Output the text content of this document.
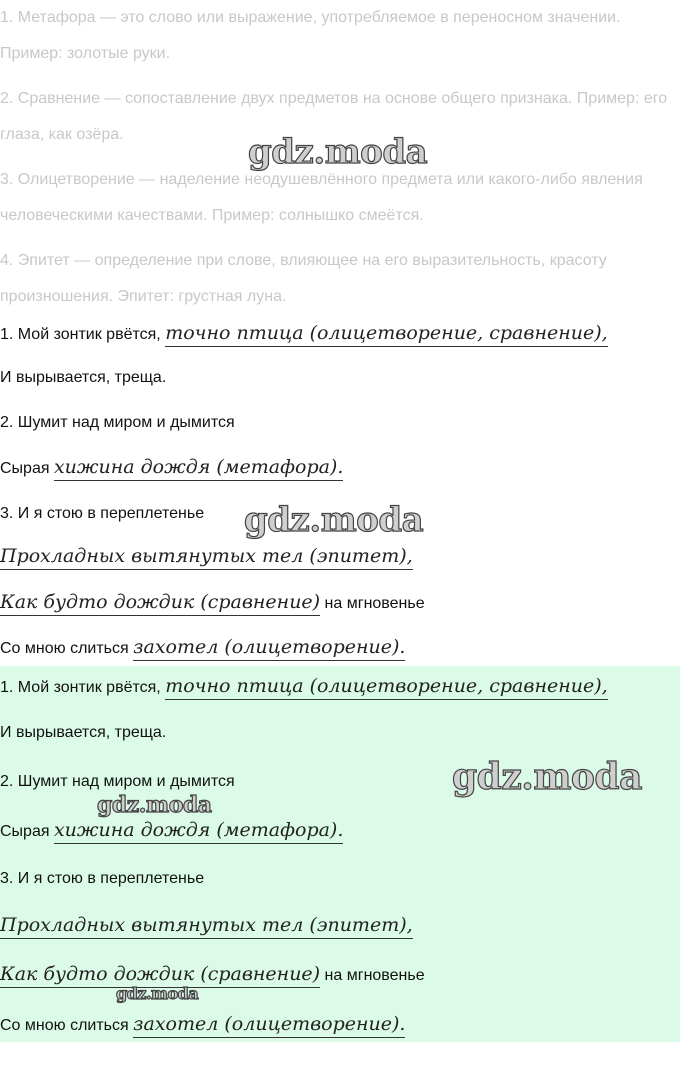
1. Метафора — это слово или выражение, употребляемое в переносном значении. Пример: золотые руки.
2. Сравнение — сопоставление двух предметов на основе общего признака. Пример: его глаза, как озёра.
3. Олицетворение — наделение неодушевлённого предмета или какого-либо явления человеческими качествами. Пример: солнышко смеётся.
4. Эпитет — определение при слове, влияющее на его выразительность, красоту произношения. Эпитет: грустная луна.
1. Мой зонтик рвётся, точно птица (олицетворение, сравнение),
И вырывается, треща.
2. Шумит над миром и дымится
Сырая хижина дождя (метафора).
3. И я стою в переплетенье
Прохладных вытянутых тел (эпитет),
Как будто дождик (сравнение) на мгновенье
Со мною слиться захотел (олицетворение).
1. Мой зонтик рвётся, точно птица (олицетворение, сравнение),
И вырывается, треща.
2. Шумит над миром и дымится
Сырая хижина дождя (метафора).
3. И я стою в переплетенье
Прохладных вытянутых тел (эпитет),
Как будто дождик (сравнение) на мгновенье
Со мною слиться захотел (олицетворение).
gdz.moda
gdz.moda
gdz.moda
gdz.moda
gdz.moda
